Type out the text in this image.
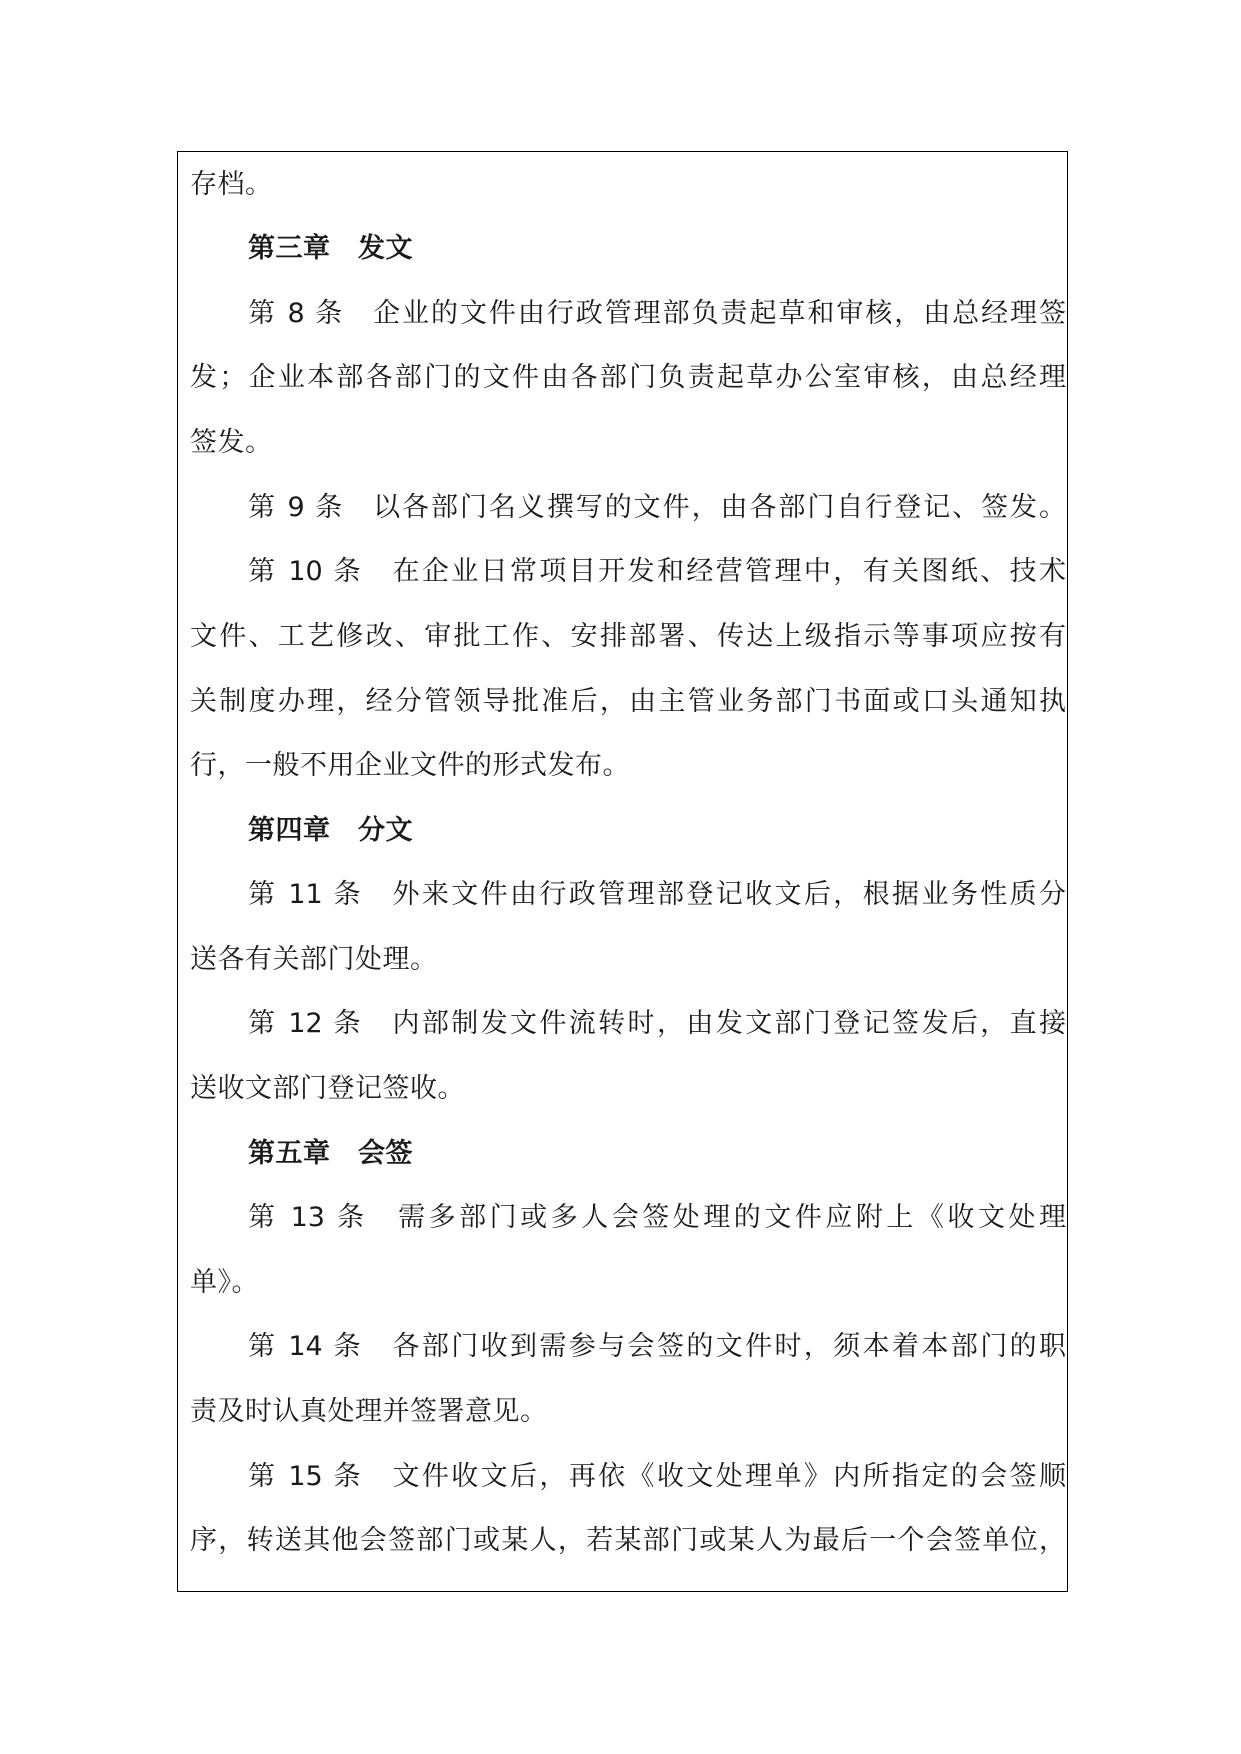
存档。
第三章　发文
第 8 条　企业的文件由行政管理部负责起草和审核，由总经理签
发；企业本部各部门的文件由各部门负责起草办公室审核，由总经理
签发。
第 9 条　以各部门名义撰写的文件，由各部门自行登记、签发。
第 10 条　在企业日常项目开发和经营管理中，有关图纸、技术
文件、工艺修改、审批工作、安排部署、传达上级指示等事项应按有
关制度办理，经分管领导批准后，由主管业务部门书面或口头通知执
行，一般不用企业文件的形式发布。
第四章　分文
第 11 条　外来文件由行政管理部登记收文后，根据业务性质分
送各有关部门处理。
第 12 条　内部制发文件流转时，由发文部门登记签发后，直接
送收文部门登记签收。
第五章　会签
第 13 条　需多部门或多人会签处理的文件应附上《收文处理
单》。
第 14 条　各部门收到需参与会签的文件时，须本着本部门的职
责及时认真处理并签署意见。
第 15 条　文件收文后，再依《收文处理单》内所指定的会签顺
序，转送其他会签部门或某人，若某部门或某人为最后一个会签单位，
